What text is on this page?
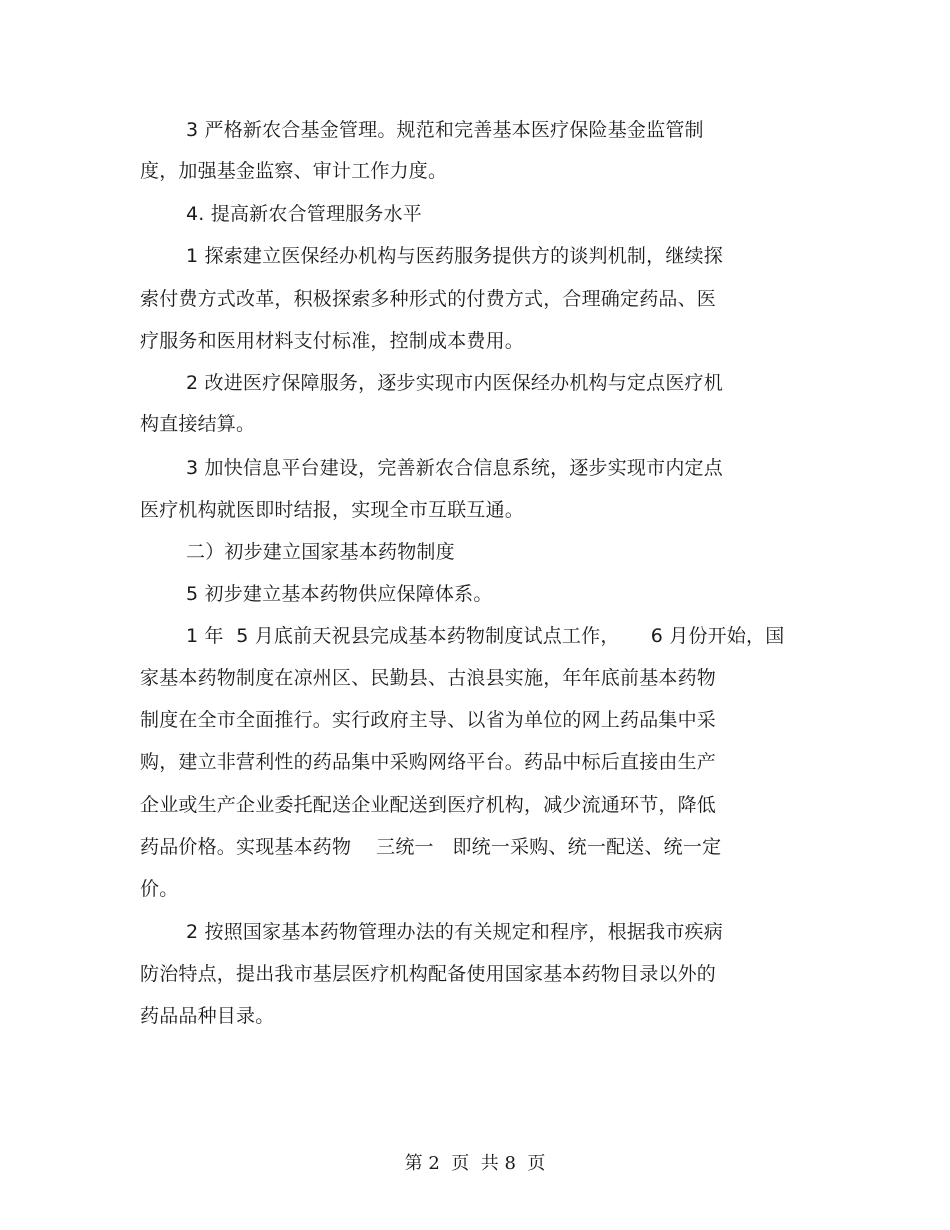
3 严格新农合基金管理。规范和完善基本医疗保险基金监管制
度，加强基金监察、审计工作力度。
4. 提高新农合管理服务水平
1 探索建立医保经办机构与医药服务提供方的谈判机制，继续探
索付费方式改革，积极探索多种形式的付费方式，合理确定药品、医
疗服务和医用材料支付标准，控制成本费用。
2 改进医疗保障服务，逐步实现市内医保经办机构与定点医疗机
构直接结算。
3 加快信息平台建设，完善新农合信息系统，逐步实现市内定点
医疗机构就医即时结报，实现全市互联互通。
二）初步建立国家基本药物制度
5 初步建立基本药物供应保障体系。
1 年  5 月底前天祝县完成基本药物制度试点工作，     6 月份开始，国
家基本药物制度在凉州区、民勤县、古浪县实施，年年底前基本药物
制度在全市全面推行。实行政府主导、以省为单位的网上药品集中采
购，建立非营利性的药品集中采购网络平台。药品中标后直接由生产
企业或生产企业委托配送企业配送到医疗机构，减少流通环节，降低
药品价格。实现基本药物    三统一   即统一采购、统一配送、统一定
价。
2 按照国家基本药物管理办法的有关规定和程序，根据我市疾病
防治特点，提出我市基层医疗机构配备使用国家基本药物目录以外的
药品品种目录。
第 2  页  共 8  页
